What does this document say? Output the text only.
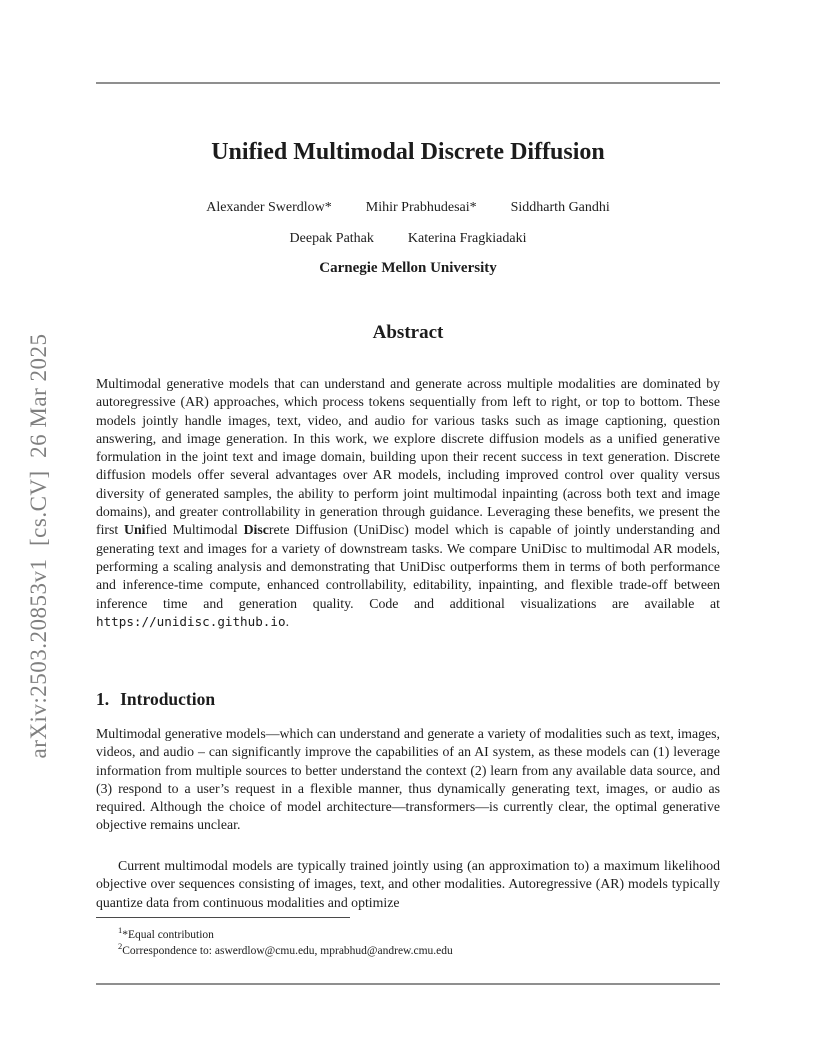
arXiv:2503.20853v1  [cs.CV]  26 Mar 2025
Unified Multimodal Discrete Diffusion
Alexander Swerdlow* Mihir Prabhudesai* Siddharth Gandhi
Deepak Pathak Katerina Fragkiadaki
Carnegie Mellon University
Abstract

Multimodal generative models that can understand and generate across multiple modalities are dominated by autoregressive (AR) approaches, which process tokens sequentially from left to right, or top to bottom. These models jointly handle images, text, video, and audio for various tasks such as image captioning, question answering, and image generation. In this work, we explore discrete diffusion models as a unified generative formulation in the joint text and image domain, building upon their recent success in text generation. Discrete diffusion models offer several advantages over AR models, including improved control over quality versus diversity of generated samples, the ability to perform joint multimodal inpainting (across both text and image domains), and greater controllability in generation through guidance. Leveraging these benefits, we present the first Unified Multimodal Discrete Diffusion (UniDisc) model which is capable of jointly understanding and generating text and images for a variety of downstream tasks. We compare UniDisc to multimodal AR models, performing a scaling analysis and demonstrating that UniDisc outperforms them in terms of both performance and inference-time compute, enhanced controllability, editability, inpainting, and flexible trade-off between inference time and generation quality. Code and additional visualizations are available at https://unidisc.github.io.

1. Introduction

Multimodal generative models—which can understand and generate a variety of modalities such as text, images, videos, and audio – can significantly improve the capabilities of an AI system, as these models can (1) leverage information from multiple sources to better understand the context (2) learn from any available data source, and (3) respond to a user’s request in a flexible manner, thus dynamically generating text, images, or audio as required. Although the choice of model architecture—transformers—is currently clear, the optimal generative objective remains unclear.

Current multimodal models are typically trained jointly using (an approximation to) a maximum likelihood objective over sequences consisting of images, text, and other modalities. Autoregressive (AR) models typically quantize data from continuous modalities and optimize

$^1$*Equal contribution
$^2$Correspondence to: aswerdlow@cmu.edu, mprabhud@andrew.cmu.edu
